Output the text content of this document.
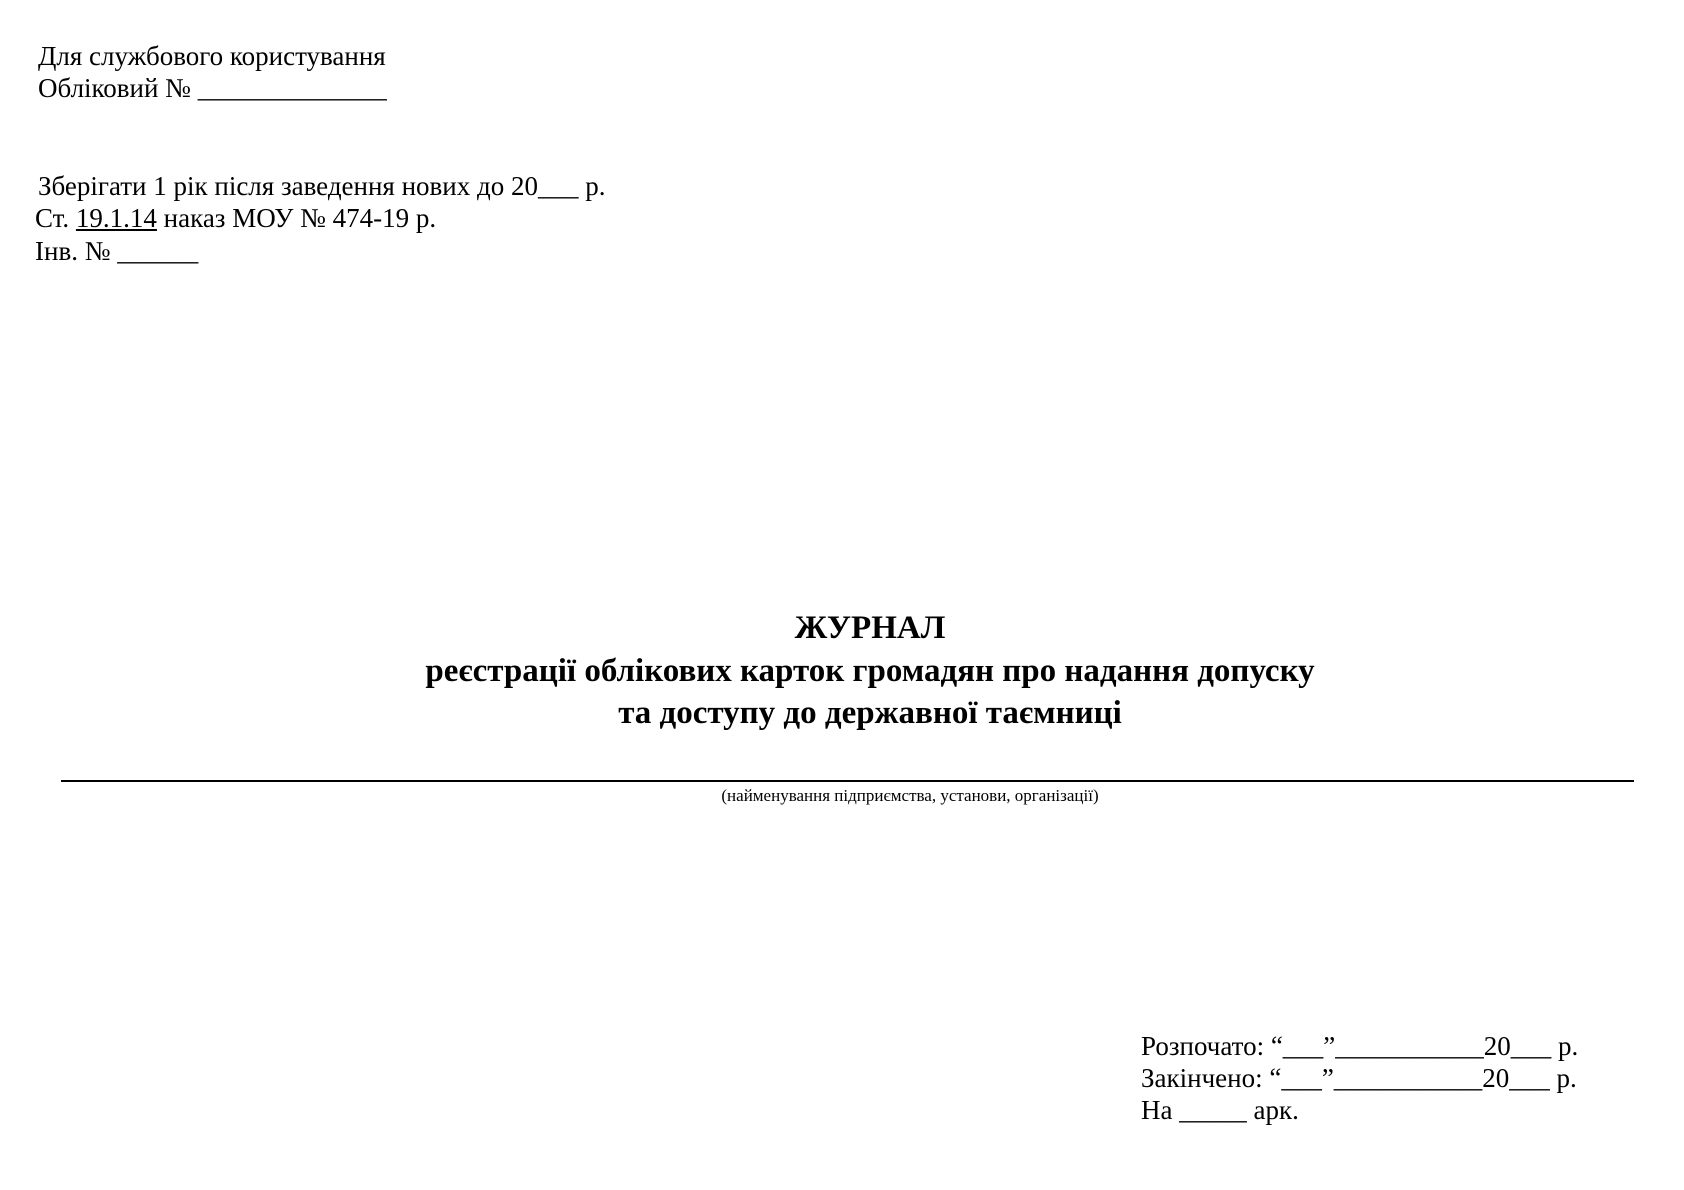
Для службового користування
Обліковий № ______________
Зберігати 1 рік після заведення нових до 20___ р.
Ст. 19.1.14 наказ МОУ № 474-19 р.
Інв. № ______
ЖУРНАЛ
реєстрації облікових карток громадян про надання допуску
та доступу до державної таємниці
(найменування підприємства, установи, організації)
Розпочато: “___”___________20___ р.
Закінчено: “___”___________20___ р.
На _____ арк.
